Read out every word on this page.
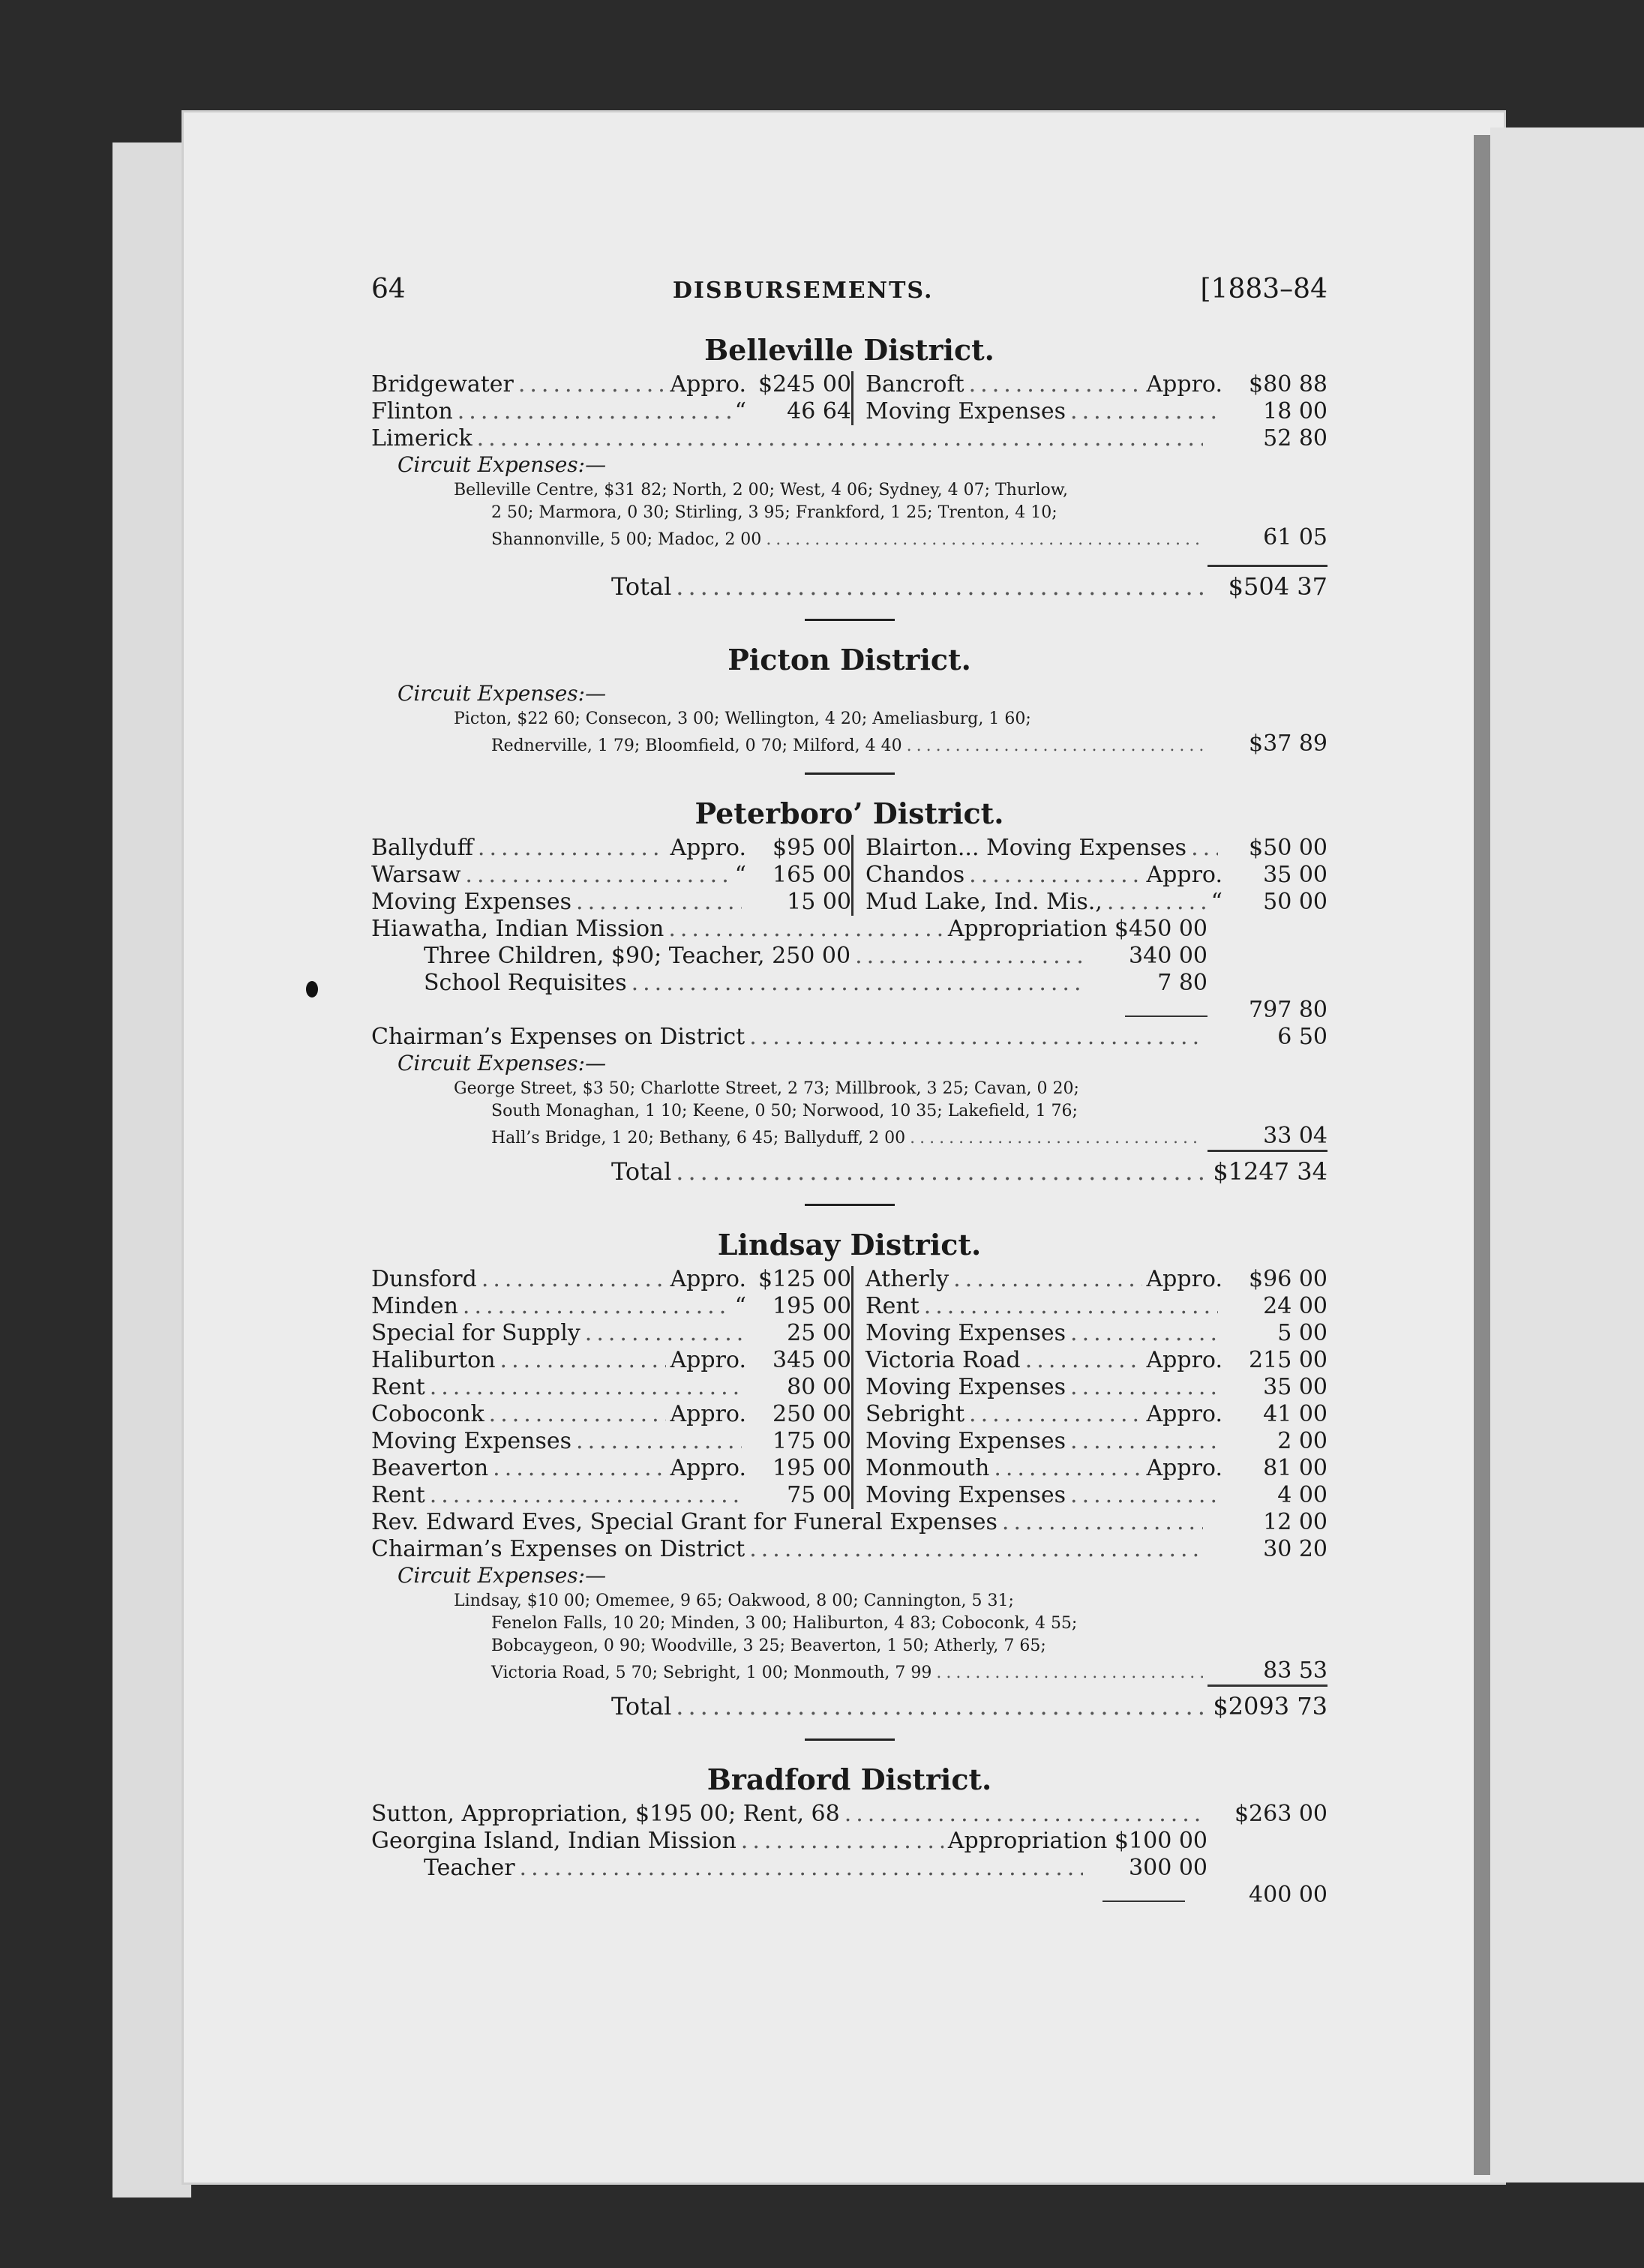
64	DISBURSEMENTS.	[1883–84
Belleville District.
Bridgewater .....	Appro. $245 00 Bancroft .....	Appro.	$80 88
Flinton .....	“	46 64 Moving Expenses .....	18 00
Limerick .....	52 80
Circuit Expenses:—
Belleville Centre, $31 82; North, 2 00; West, 4 06; Sydney, 4 07; Thurlow,
2 50; Marmora, 0 30; Stirling, 3 95; Frankford, 1 25; Trenton, 4 10;
Shannonville, 5 00; Madoc, 2 00 .....	61 05
Total .....	$504 37
Picton District.
Circuit Expenses:—
Picton, $22 60; Consecon, 3 00; Wellington, 4 20; Ameliasburg, 1 60;
Rednerville, 1 79; Bloomfield, 0 70; Milford, 4 40 .....	$37 89
Peterboro’ District.
Ballyduff .....	Appro.	$95 00 Blairton... Moving Expenses .....	$50 00
Warsaw .....	“	165 00 Chandos .....	Appro.	35 00
Moving Expenses .....	15 00 Mud Lake, Ind. Mis., .....	“	50 00
Hiawatha, Indian Mission .....	Appropriation $450 00
Three Children, $90; Teacher, 250 00 .....	340 00
School Requisites .....	7 80
797 80
Chairman’s Expenses on District .....	6 50
Circuit Expenses:—
George Street, $3 50; Charlotte Street, 2 73; Millbrook, 3 25; Cavan, 0 20;
South Monaghan, 1 10; Keene, 0 50; Norwood, 10 35; Lakefield, 1 76;
Hall’s Bridge, 1 20; Bethany, 6 45; Ballyduff, 2 00 .....	33 04
Total .....	$1247 34
Lindsay District.
Dunsford .....	Appro. $125 00 Atherly .....	Appro.	$96 00
Minden .....	“	195 00 Rent .....	24 00
Special for Supply .....	25 00 Moving Expenses .....	5 00
Haliburton .....	Appro.	345 00 Victoria Road .....	Appro.	215 00
Rent .....	80 00 Moving Expenses .....	35 00
Coboconk .....	Appro.	250 00 Sebright .....	Appro.	41 00
Moving Expenses .....	175 00 Moving Expenses .....	2 00
Beaverton .....	Appro.	195 00 Monmouth .....	Appro.	81 00
Rent .....	75 00 Moving Expenses .....	4 00
Rev. Edward Eves, Special Grant for Funeral Expenses .....	12 00
Chairman’s Expenses on District .....	30 20
Circuit Expenses:—
Lindsay, $10 00; Omemee, 9 65; Oakwood, 8 00; Cannington, 5 31;
Fenelon Falls, 10 20; Minden, 3 00; Haliburton, 4 83; Coboconk, 4 55;
Bobcaygeon, 0 90; Woodville, 3 25; Beaverton, 1 50; Atherly, 7 65;
Victoria Road, 5 70; Sebright, 1 00; Monmouth, 7 99 .....	83 53
Total .....	$2093 73
Bradford District.
Sutton, Appropriation, $195 00; Rent, 68 .....	$263 00
Georgina Island, Indian Mission .....	Appropriation $100 00
Teacher .....	300 00
400 00
